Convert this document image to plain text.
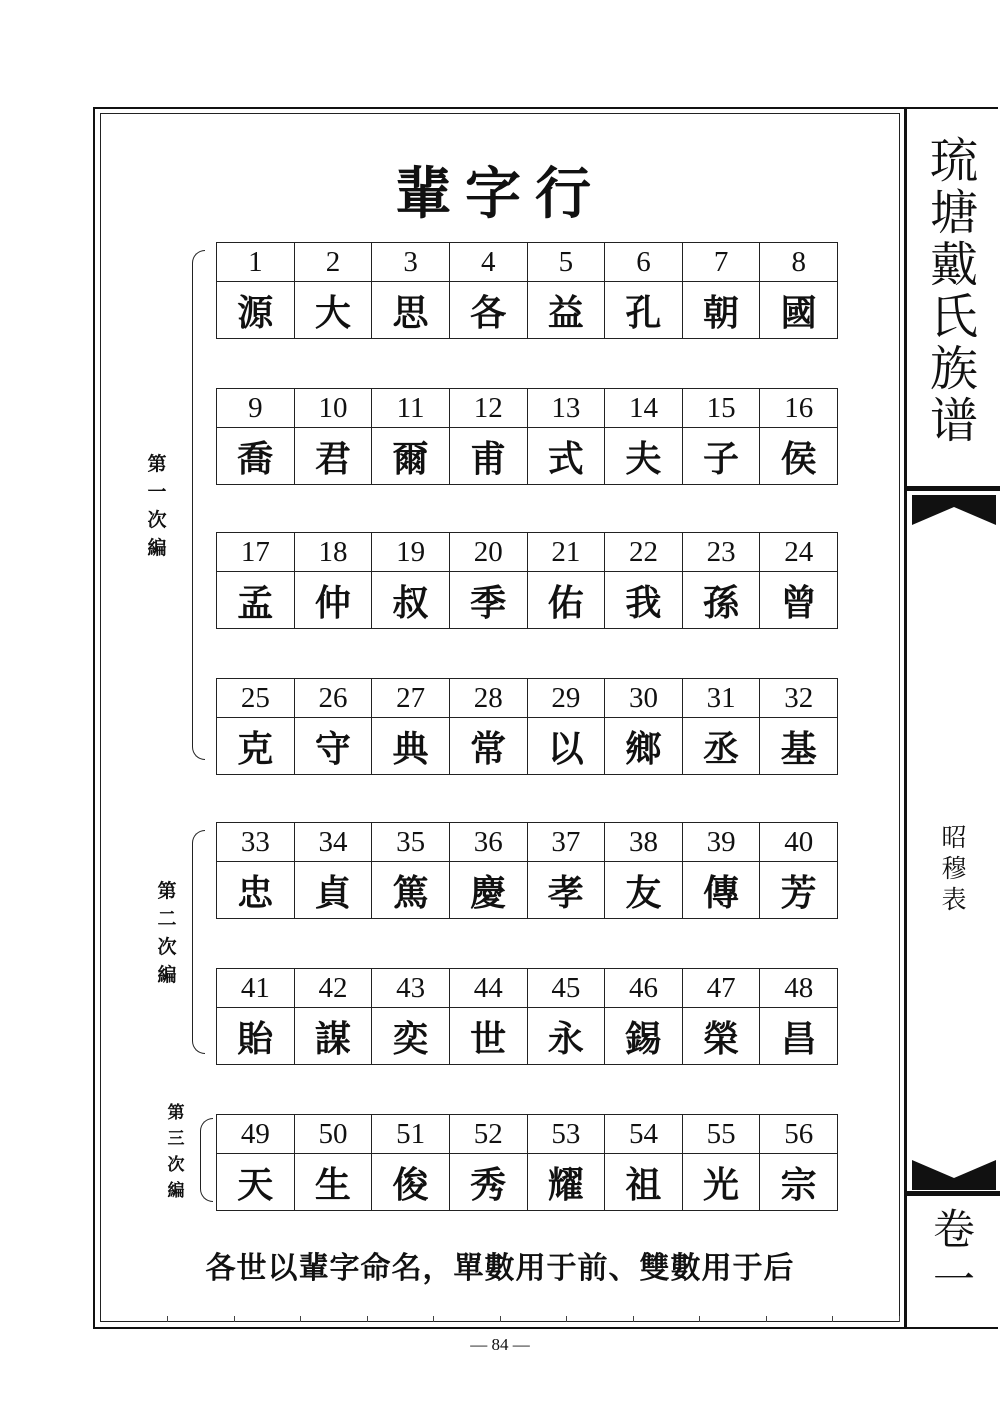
輩字行
1	2	3	4	5	6	7	8
源	大	思	各	益	孔	朝	國
9	10	11	12	13	14	15	16
喬	君	爾	甫	式	夫	子	侯
17	18	19	20	21	22	23	24
孟	仲	叔	季	佑	我	孫	曾
25	26	27	28	29	30	31	32
克	守	典	常	以	鄉	丞	基
33	34	35	36	37	38	39	40
忠	貞	篤	慶	孝	友	傳	芳
41	42	43	44	45	46	47	48
貽	謀	奕	世	永	錫	榮	昌
49	50	51	52	53	54	55	56
天	生	俊	秀	耀	祖	光	宗
第一次編
第二次編
第三次編
各世以輩字命名，單數用于前、雙數用于后
— 84 —
琉塘戴氏族谱
昭穆表
卷一
